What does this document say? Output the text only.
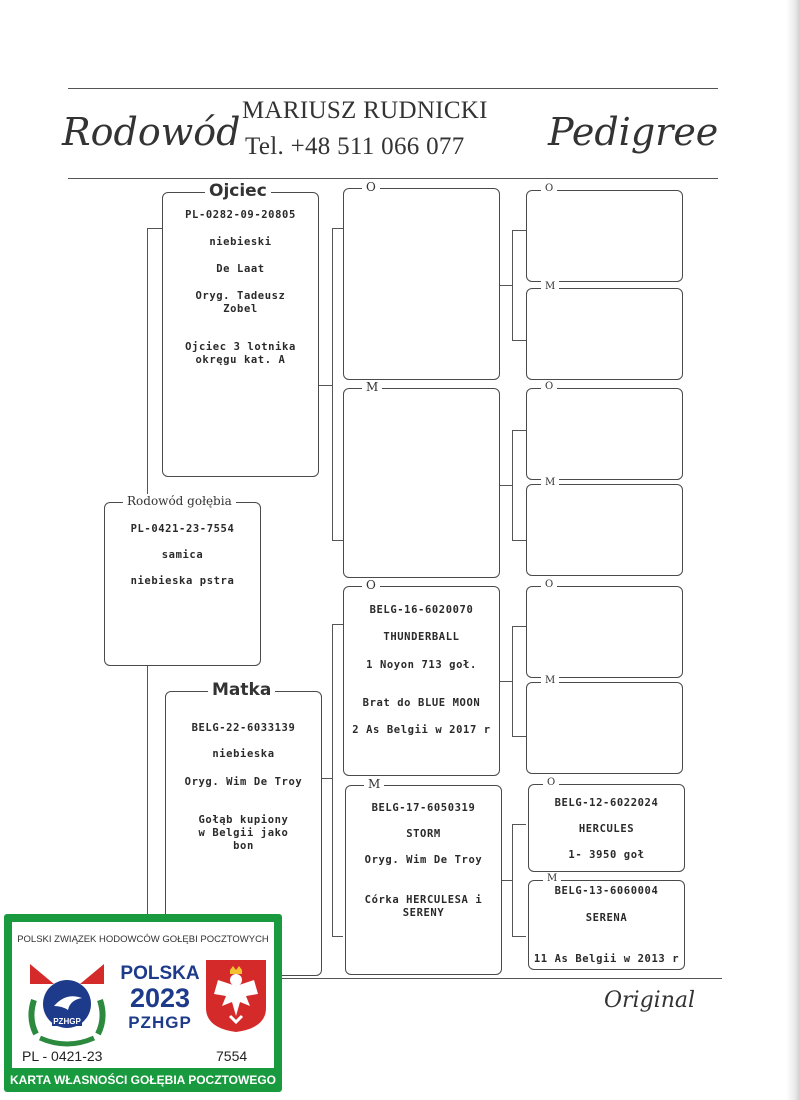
Rodowód MARIUSZ RUDNICKI
Tel. +48 511 066 077 Pedigree
Rodowód gołębia
PL-0421-23-7554
samica
niebieska pstra
Ojciec
PL-0282-09-20805
niebieski
De Laat
Oryg. Tadeusz Zobel
Ojciec 3 lotnika okręgu kat. A
Matka
BELG-22-6033139
niebieska
Oryg. Wim De Troy
Gołąb kupiony w Belgii jako bon
O
M
O
BELG-16-6020070
THUNDERBALL
1 Noyon 713 goł.
Brat do BLUE MOON
2 As Belgii w 2017 r
M
BELG-17-6050319
STORM
Oryg. Wim De Troy
Córka HERCULESA i SERENY
O
M
O
M
O
M
O
BELG-12-6022024
HERCULES
1- 3950 goł
M
BELG-13-6060004
SERENA
11 As Belgii w 2013 r
Original
POLSKI ZWIĄZEK HODOWCÓW GOŁĘBI POCZTOWYCH
PZHGP
POLSKA
2023
PZHGP
PL - 0421-23	7554
KARTA WŁASNOŚCI GOŁĘBIA POCZTOWEGO
